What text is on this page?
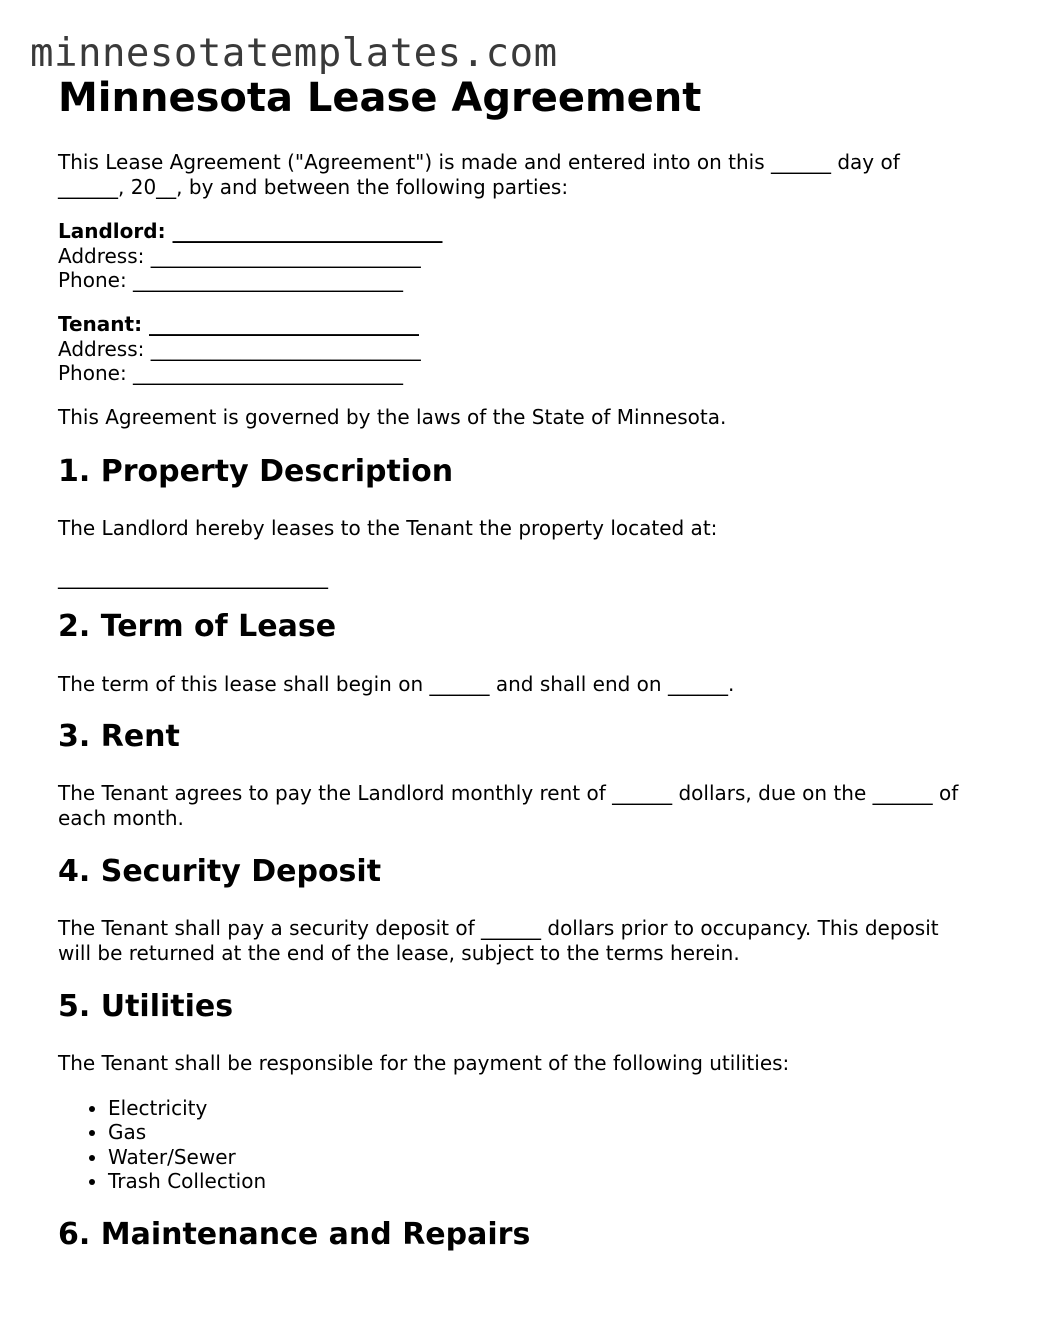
minnesotatemplates.com
Minnesota Lease Agreement
This Lease Agreement ("Agreement") is made and entered into on this ______ day of
______, 20__, by and between the following parties:
Landlord: ___________________________
Address: ___________________________
Phone: ___________________________
Tenant: ___________________________
Address: ___________________________
Phone: ___________________________

This Agreement is governed by the laws of the State of Minnesota.

1. Property Description

The Landlord hereby leases to the Tenant the property located at:

___________________________

2. Term of Lease

The term of this lease shall begin on ______ and shall end on ______.

3. Rent
The Tenant agrees to pay the Landlord monthly rent of ______ dollars, due on the ______ of
each month.
4. Security Deposit
The Tenant shall pay a security deposit of ______ dollars prior to occupancy. This deposit
will be returned at the end of the lease, subject to the terms herein.
5. Utilities

The Tenant shall be responsible for the payment of the following utilities:

• Electricity
• Gas
• Water/Sewer
• Trash Collection
6. Maintenance and Repairs
